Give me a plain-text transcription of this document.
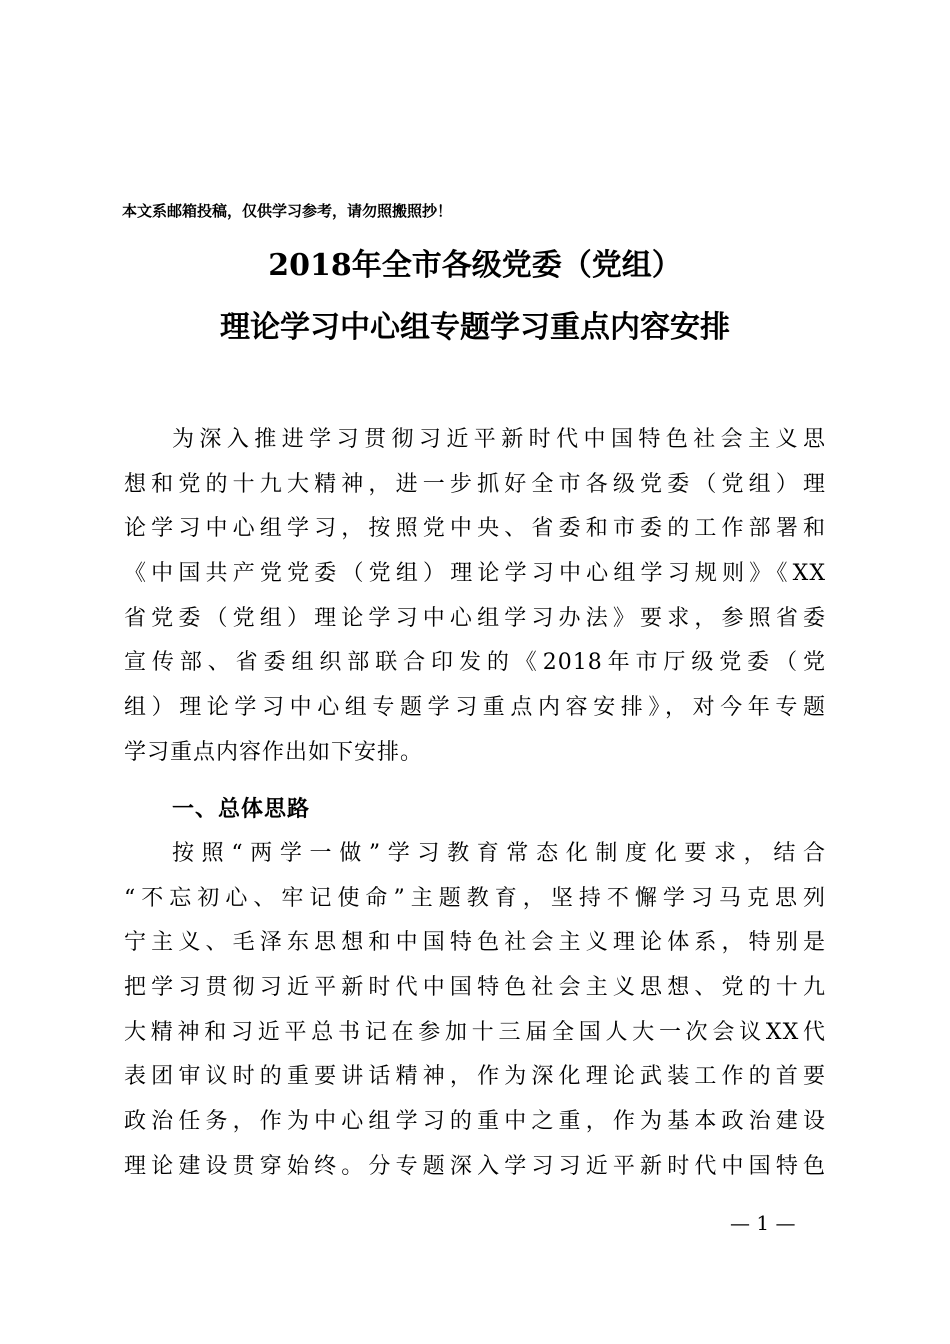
本文系邮箱投稿，仅供学习参考，请勿照搬照抄！
2018年全市各级党委（党组）
理论学习中心组专题学习重点内容安排
为深入推进学习贯彻习近平新时代中国特色社会主义思
想和党的十九大精神，进一步抓好全市各级党委（党组）理
论学习中心组学习，按照党中央、省委和市委的工作部署和
《中国共产党党委（党组）理论学习中心组学习规则》《XX
省党委（党组）理论学习中心组学习办法》要求，参照省委
宣传部、省委组织部联合印发的《2018年市厅级党委（党
组）理论学习中心组专题学习重点内容安排》，对今年专题
学习重点内容作出如下安排。
一、总体思路
按照“两学一做”学习教育常态化制度化要求，结合
“不忘初心、牢记使命”主题教育，坚持不懈学习马克思列
宁主义、毛泽东思想和中国特色社会主义理论体系，特别是
把学习贯彻习近平新时代中国特色社会主义思想、党的十九
大精神和习近平总书记在参加十三届全国人大一次会议XX代
表团审议时的重要讲话精神，作为深化理论武装工作的首要
政治任务，作为中心组学习的重中之重，作为基本政治建设
理论建设贯穿始终。分专题深入学习习近平新时代中国特色
— 1 —
